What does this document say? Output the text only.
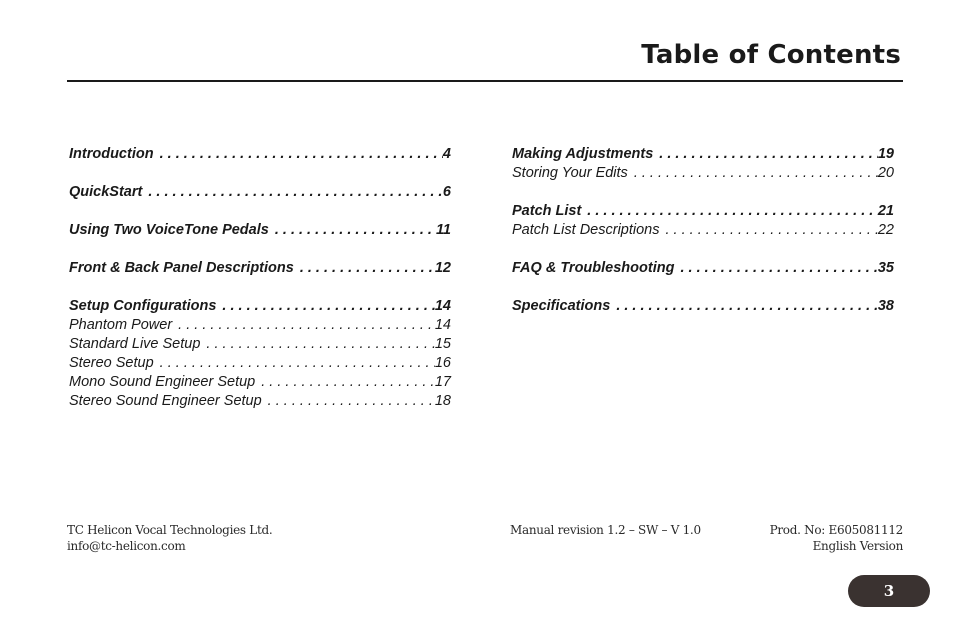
Table of Contents
Introduction . . .	4
QuickStart . . .	6
Using Two VoiceTone Pedals . . .	11
Front & Back Panel Descriptions . . .	12
Setup Configurations . . .	14
Phantom Power . . .	14
Standard Live Setup . . .	15
Stereo Setup . . .	16
Mono Sound Engineer Setup . . .	17
Stereo Sound Engineer Setup . . .	18
Making Adjustments . . .	19
Storing Your Edits . . .	20
Patch List . . .	21
Patch List Descriptions . . .	22
FAQ & Troubleshooting . . .	35
Specifications . . .	38
TC Helicon Vocal Technologies Ltd.
info@tc-helicon.com
Manual revision 1.2 – SW – V 1.0	Prod. No: E605081112
English Version
3
